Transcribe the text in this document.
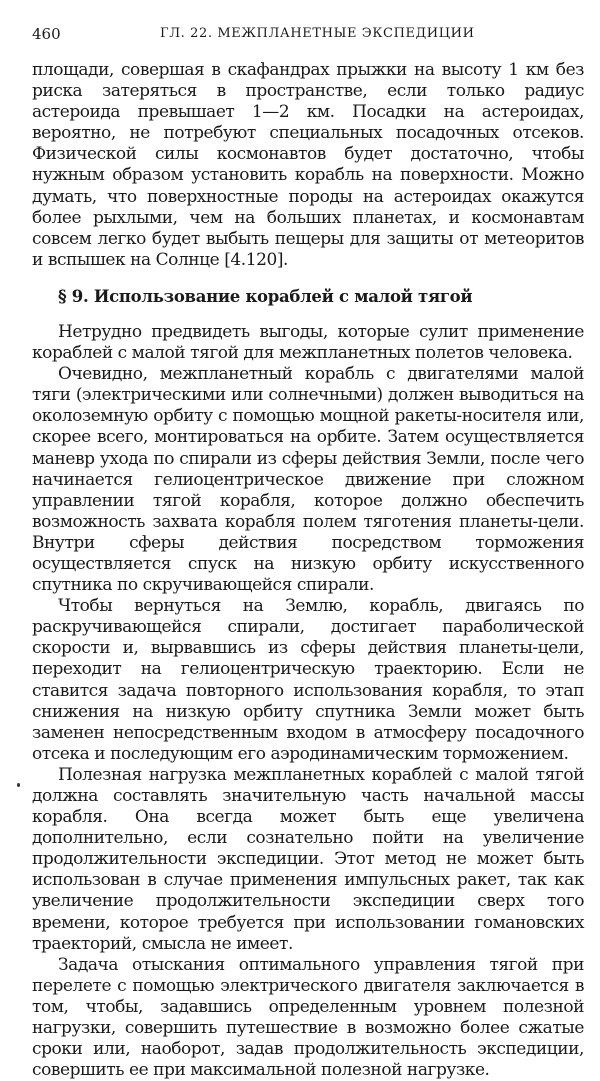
460	ГЛ. 22. МЕЖПЛАНЕТНЫЕ ЭКСПЕДИЦИИ

площади, совершая в скафандрах прыжки на высоту 1 км без риска затеряться в пространстве, если только радиус астероида превышает 1—2 км. Посадки на астероидах, вероятно, не потребуют специальных посадочных отсеков. Физической силы космонавтов будет достаточно, чтобы нужным образом установить корабль на поверхности. Можно думать, что поверхностные породы на астероидах окажутся более рыхлыми, чем на больших планетах, и космонавтам совсем легко будет выбыть пещеры для защиты от метеоритов и вспышек на Солнце [4.120].

§ 9. Использование кораблей с малой тягой

Нетрудно предвидеть выгоды, которые сулит применение кораблей с малой тягой для межпланетных полетов человека.

Очевидно, межпланетный корабль с двигателями малой тяги (электрическими или солнечными) должен выводиться на околоземную орбиту с помощью мощной ракеты-носителя или, скорее всего, монтироваться на орбите. Затем осуществляется маневр ухода по спирали из сферы действия Земли, после чего начинается гелиоцентрическое движение при сложном управлении тягой корабля, которое должно обеспечить возможность захвата корабля полем тяготения планеты-цели. Внутри сферы действия посредством торможения осуществляется спуск на низкую орбиту искусственного спутника по скручивающейся спирали.

Чтобы вернуться на Землю, корабль, двигаясь по раскручивающейся спирали, достигает параболической скорости и, вырвавшись из сферы действия планеты-цели, переходит на гелиоцентрическую траекторию. Если не ставится задача повторного использования корабля, то этап снижения на низкую орбиту спутника Земли может быть заменен непосредственным входом в атмосферу посадочного отсека и последующим его аэродинамическим торможением.

Полезная нагрузка межпланетных кораблей с малой тягой должна составлять значительную часть начальной массы корабля. Она всегда может быть еще увеличена дополнительно, если сознательно пойти на увеличение продолжительности экспедиции. Этот метод не может быть использован в случае применения импульсных ракет, так как увеличение продолжительности экспедиции сверх того времени, которое требуется при использовании гомановских траекторий, смысла не имеет.

Задача отыскания оптимального управления тягой при перелете с помощью электрического двигателя заключается в том, чтобы, задавшись определенным уровнем полезной нагрузки, совершить путешествие в возможно более сжатые сроки или, наоборот, задав продолжительность экспедиции, совершить ее при максимальной полезной нагрузке.
